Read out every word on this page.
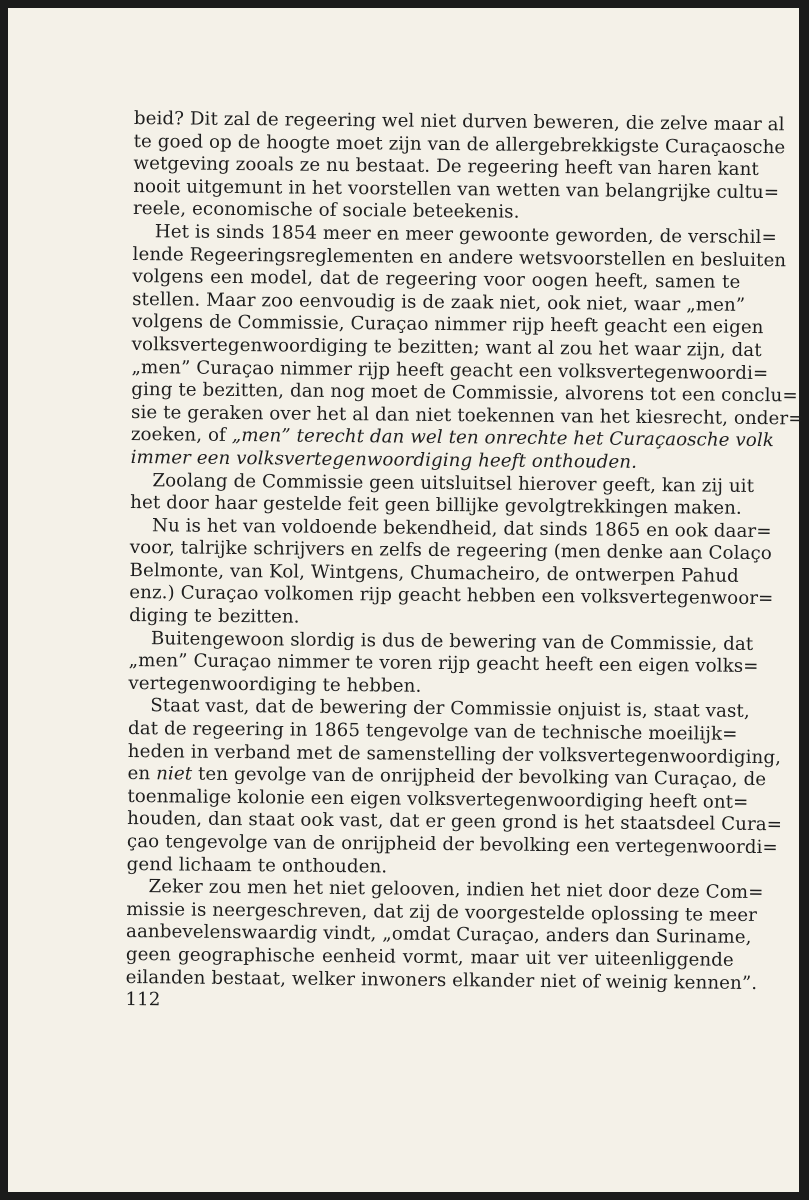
beid? Dit zal de regeering wel niet durven beweren, die zelve maar al
te goed op de hoogte moet zijn van de allergebrekkigste Curaçaosche
wetgeving zooals ze nu bestaat. De regeering heeft van haren kant
nooit uitgemunt in het voorstellen van wetten van belangrijke cultu=
reele, economische of sociale beteekenis.
Het is sinds 1854 meer en meer gewoonte geworden, de verschil=
lende Regeeringsreglementen en andere wetsvoorstellen en besluiten
volgens een model, dat de regeering voor oogen heeft, samen te
stellen. Maar zoo eenvoudig is de zaak niet, ook niet, waar „men”
volgens de Commissie, Curaçao nimmer rijp heeft geacht een eigen
volksvertegenwoordiging te bezitten; want al zou het waar zijn, dat
„men” Curaçao nimmer rijp heeft geacht een volksvertegenwoordi=
ging te bezitten, dan nog moet de Commissie, alvorens tot een conclu=
sie te geraken over het al dan niet toekennen van het kiesrecht, onder=
zoeken, of „men” terecht dan wel ten onrechte het Curaçaosche volk
immer een volksvertegenwoordiging heeft onthouden.
Zoolang de Commissie geen uitsluitsel hierover geeft, kan zij uit
het door haar gestelde feit geen billijke gevolgtrekkingen maken.
Nu is het van voldoende bekendheid, dat sinds 1865 en ook daar=
voor, talrijke schrijvers en zelfs de regeering (men denke aan Colaço
Belmonte, van Kol, Wintgens, Chumacheiro, de ontwerpen Pahud
enz.) Curaçao volkomen rijp geacht hebben een volksvertegenwoor=
diging te bezitten.
Buitengewoon slordig is dus de bewering van de Commissie, dat
„men” Curaçao nimmer te voren rijp geacht heeft een eigen volks=
vertegenwoordiging te hebben.
Staat vast, dat de bewering der Commissie onjuist is, staat vast,
dat de regeering in 1865 tengevolge van de technische moeilijk=
heden in verband met de samenstelling der volksvertegenwoordiging,
en niet ten gevolge van de onrijpheid der bevolking van Curaçao, de
toenmalige kolonie een eigen volksvertegenwoordiging heeft ont=
houden, dan staat ook vast, dat er geen grond is het staatsdeel Cura=
çao tengevolge van de onrijpheid der bevolking een vertegenwoordi=
gend lichaam te onthouden.
Zeker zou men het niet gelooven, indien het niet door deze Com=
missie is neergeschreven, dat zij de voorgestelde oplossing te meer
aanbevelenswaardig vindt, „omdat Curaçao, anders dan Suriname,
geen geographische eenheid vormt, maar uit ver uiteenliggende
eilanden bestaat, welker inwoners elkander niet of weinig kennen”.
112
